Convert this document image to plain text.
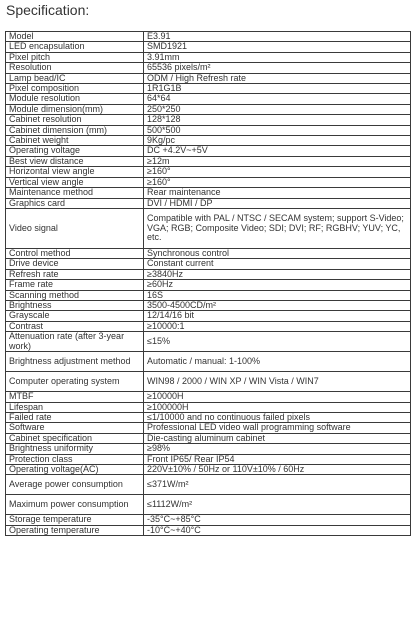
Specification:
Model	E3.91
LED encapsulation	SMD1921
Pixel pitch	3.91mm
Resolution	65536 pixels/m²
Lamp bead/IC	ODM / High Refresh rate
Pixel composition	1R1G1B
Module resolution	64*64
Module dimension(mm)	250*250
Cabinet resolution	128*128
Cabinet dimension (mm)	500*500
Cabinet weight	9Kg/pc
Operating voltage	DC +4.2V~+5V
Best view distance	≥12m
Horizontal view angle	≥160°
Vertical view angle	≥160°
Maintenance method	Rear maintenance
Graphics card	DVI / HDMI / DP
Video signal	Compatible with PAL / NTSC / SECAM system; support S-Video; VGA; RGB; Composite Video; SDI; DVI; RF; RGBHV; YUV; YC, etc.
Control method	Synchronous control
Drive device	Constant current
Refresh rate	≥3840Hz
Frame rate	≥60Hz
Scanning method	16S
Brightness	3500-4500CD/m²
Grayscale	12/14/16 bit
Contrast	≥10000:1
Attenuation rate (after 3-year work)	≤15%
Brightness adjustment method	Automatic / manual: 1-100%
Computer operating system	WIN98 / 2000 / WIN XP / WIN Vista / WIN7
MTBF	≥10000H
Lifespan	≥100000H
Failed rate	≤1/10000 and no continuous failed pixels
Software	Professional LED video wall programming software
Cabinet specification	Die-casting aluminum cabinet
Brightness uniformity	≥98%
Protection class	Front IP65/ Rear IP54
Operating voltage(AC)	220V±10% / 50Hz or 110V±10% / 60Hz
Average power consumption	≤371W/m²
Maximum power consumption	≤1112W/m²
Storage temperature	-35°C~+85°C
Operating temperature	-10°C~+40°C
